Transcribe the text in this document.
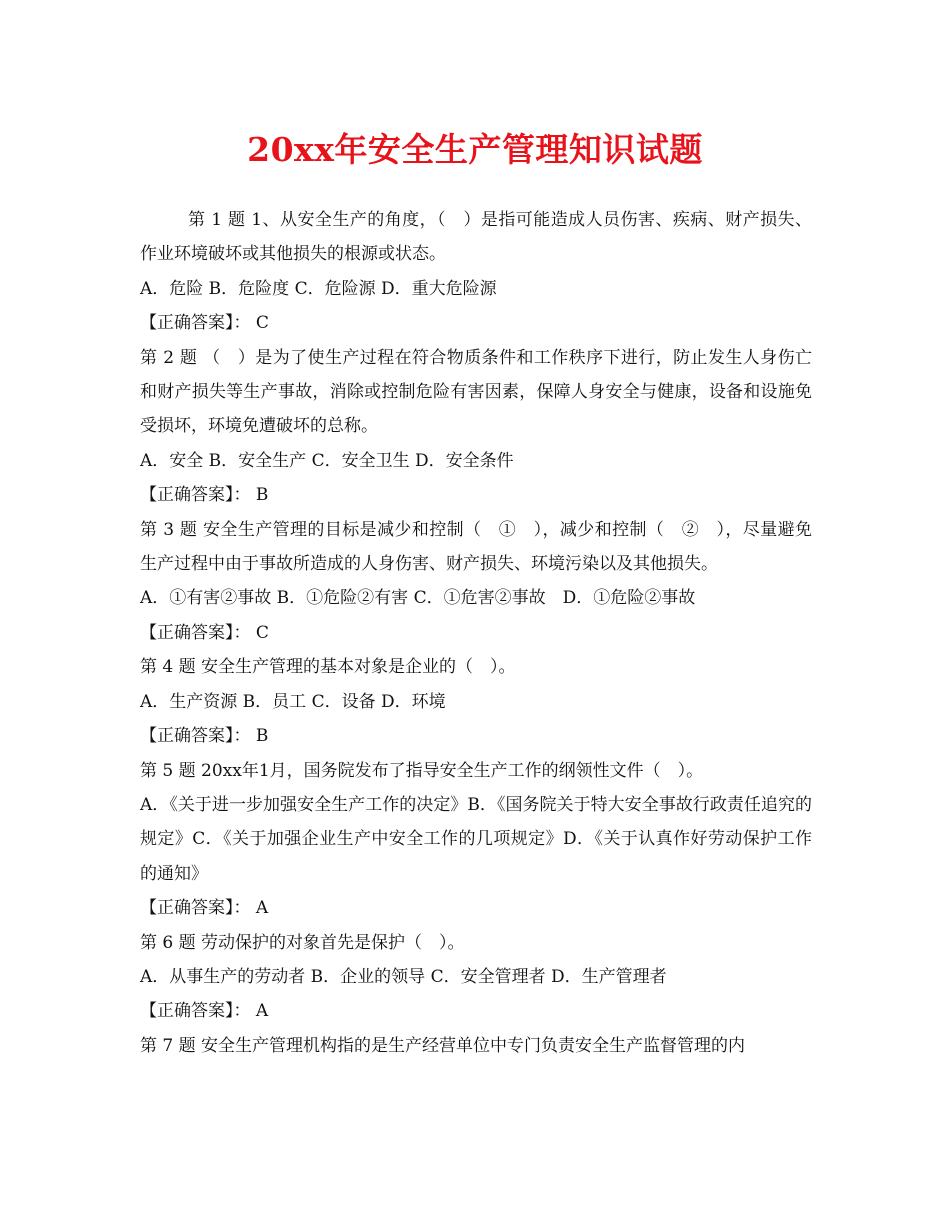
20xx年安全生产管理知识试题

第 1 题 1、从安全生产的角度，（　）是指可能造成人员伤害、疾病、财产损失、作业环境破坏或其他损失的根源或状态。

A．危险 B．危险度 C．危险源 D．重大危险源

【正确答案】： C

第 2 题 （　）是为了使生产过程在符合物质条件和工作秩序下进行，防止发生人身伤亡和财产损失等生产事故，消除或控制危险有害因素，保障人身安全与健康，设备和设施免受损坏，环境免遭破坏的总称。

A．安全 B．安全生产 C．安全卫生 D．安全条件

【正确答案】： B

第 3 题 安全生产管理的目标是减少和控制（　①　），减少和控制（　②　），尽量避免生产过程中由于事故所造成的人身伤害、财产损失、环境污染以及其他损失。

A．①有害②事故 B．①危险②有害 C．①危害②事故　D．①危险②事故

【正确答案】： C

第 4 题 安全生产管理的基本对象是企业的（　）。

A．生产资源 B．员工 C．设备 D．环境

【正确答案】： B

第 5 题 20xx年1月，国务院发布了指导安全生产工作的纲领性文件（　）。

A．《关于进一步加强安全生产工作的决定》B．《国务院关于特大安全事故行政责任追究的规定》C．《关于加强企业生产中安全工作的几项规定》D．《关于认真作好劳动保护工作的通知》

【正确答案】： A

第 6 题 劳动保护的对象首先是保护（　）。

A．从事生产的劳动者 B．企业的领导 C．安全管理者 D．生产管理者

【正确答案】： A

第 7 题 安全生产管理机构指的是生产经营单位中专门负责安全生产监督管理的内
